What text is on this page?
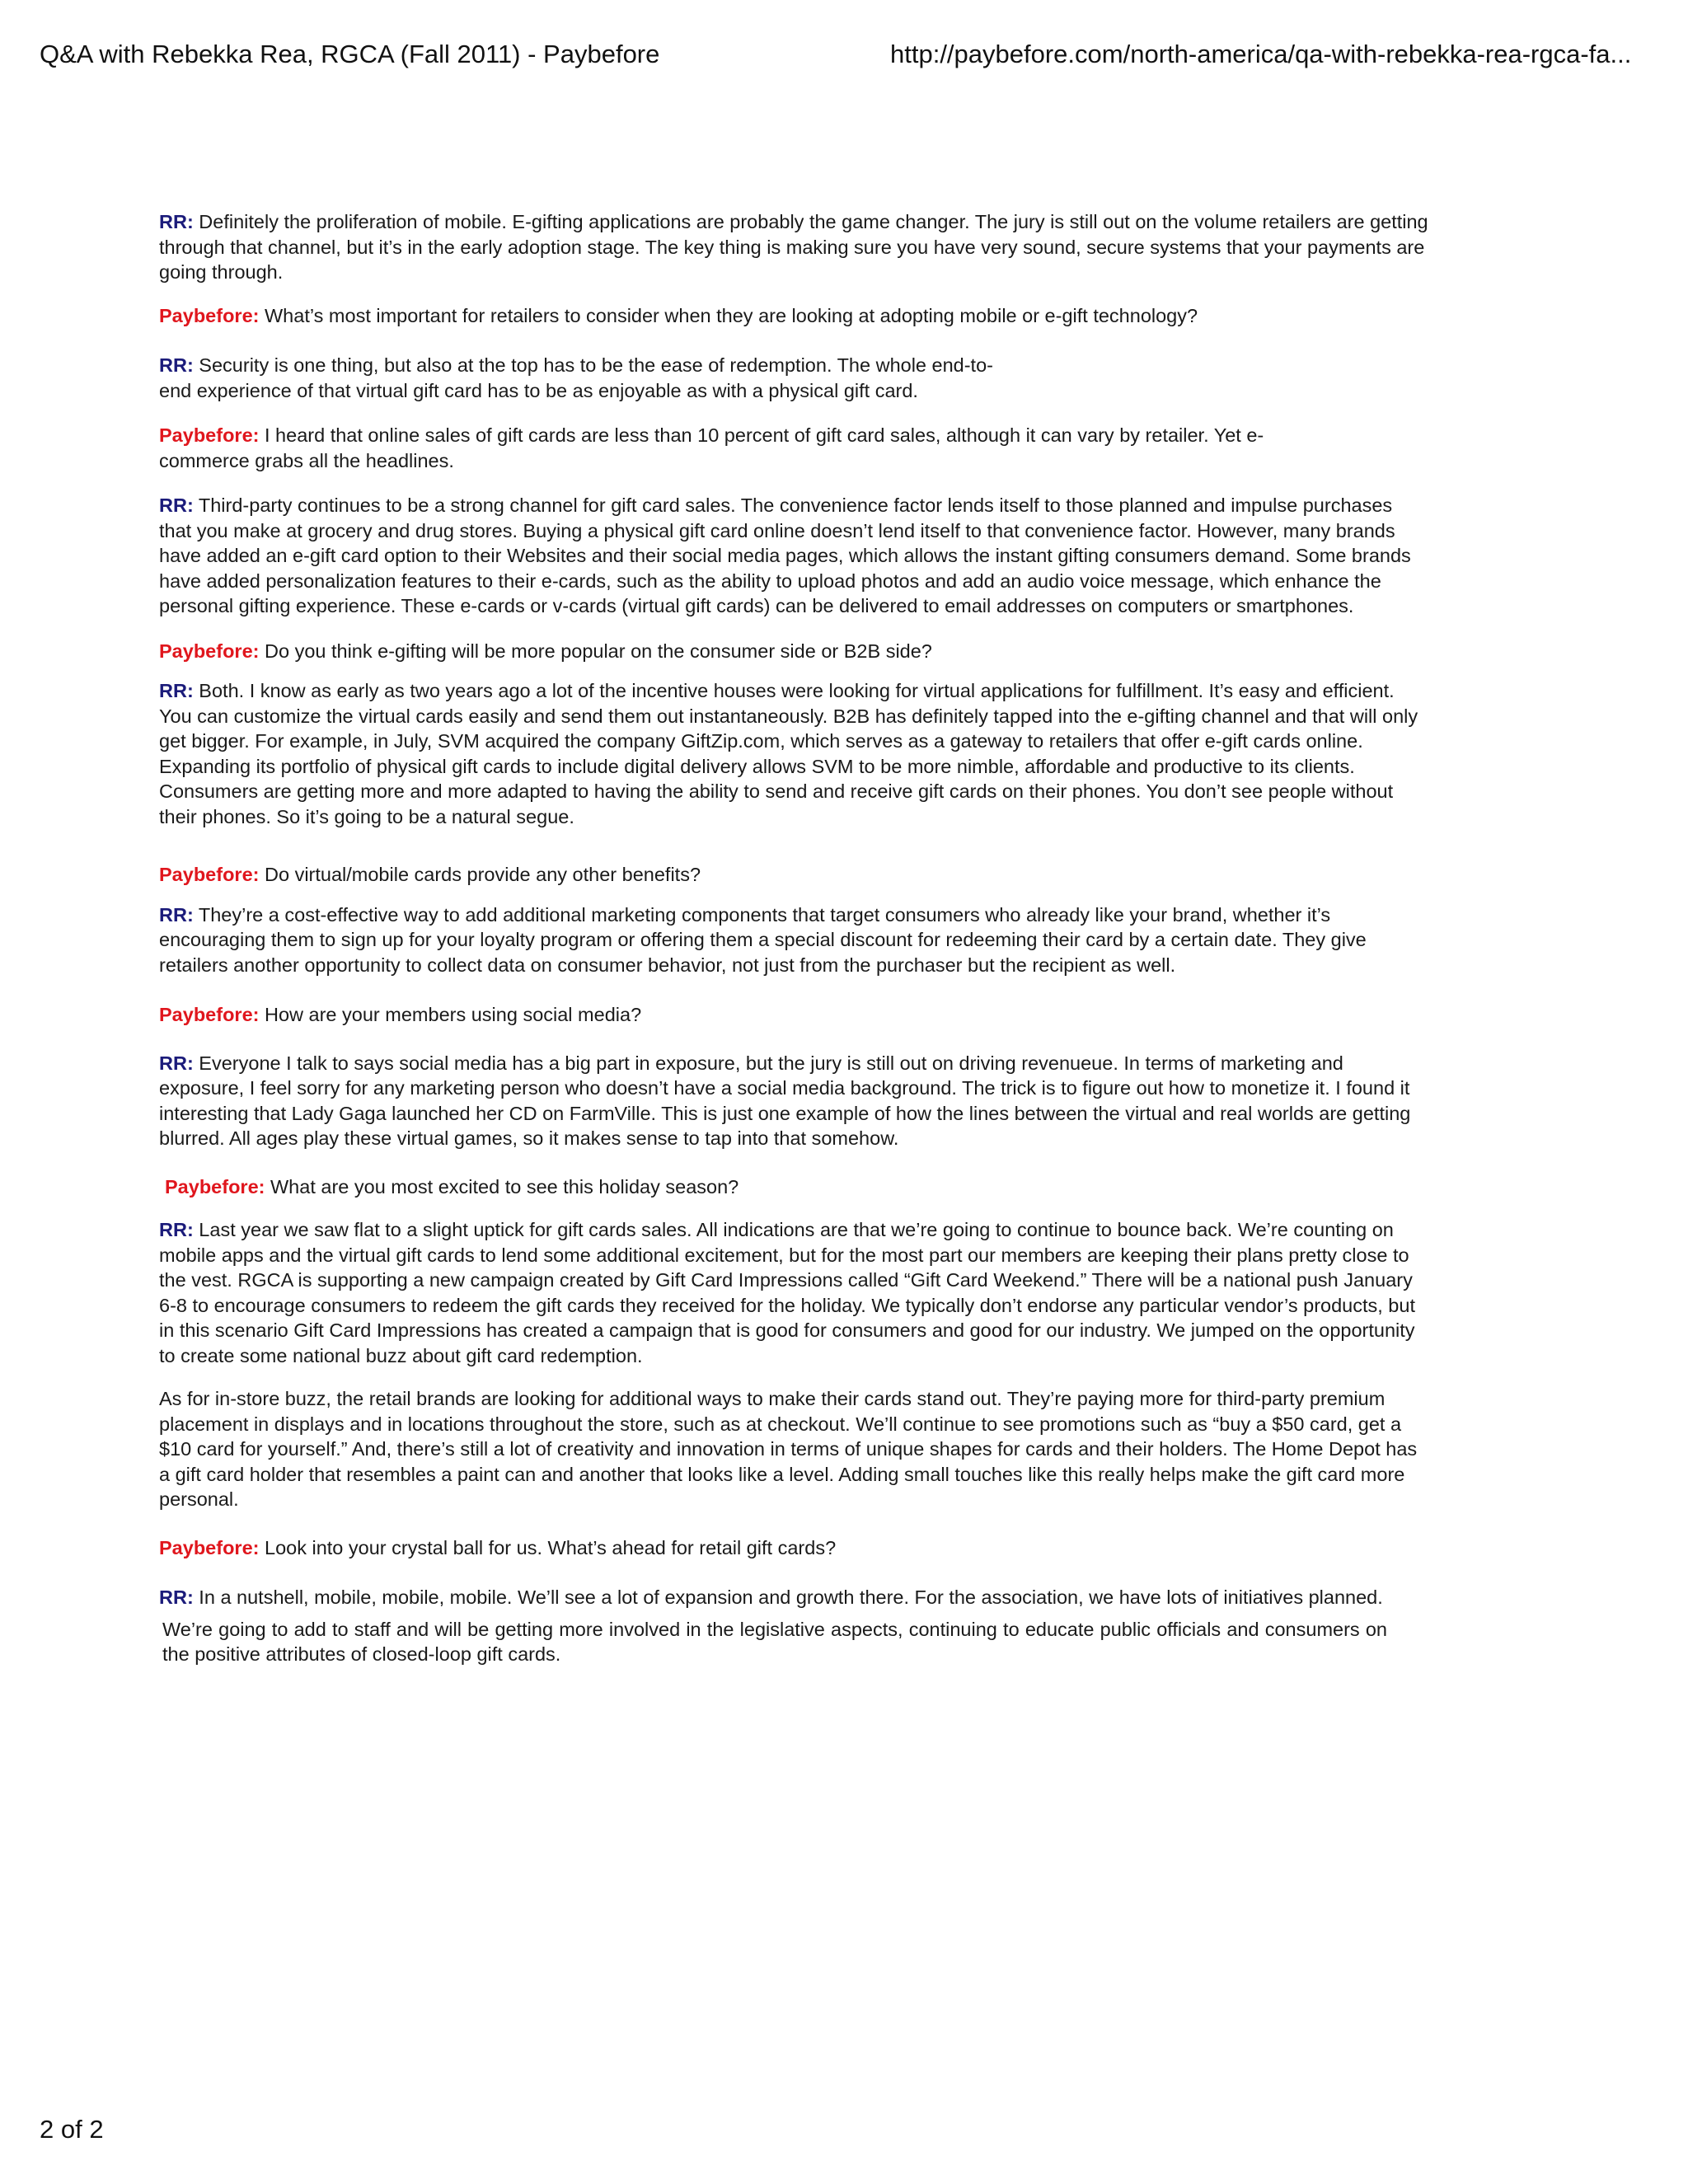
Q&A with Rebekka Rea, RGCA (Fall 2011) - Paybefore	http://paybefore.com/north-america/qa-with-rebekka-rea-rgca-fa...

RR: Definitely the proliferation of mobile. E-gifting applications are probably the game changer. The jury is still out on the volume retailers are getting through that channel, but it’s in the early adoption stage. The key thing is making sure you have very sound, secure systems that your payments are going through.

Paybefore: What’s most important for retailers to consider when they are looking at adopting mobile or e-gift technology?

RR: Security is one thing, but also at the top has to be the ease of redemption. The whole end-to-end experience of that virtual gift card has to be as enjoyable as with a physical gift card.

Paybefore: I heard that online sales of gift cards are less than 10 percent of gift card sales, although it can vary by retailer. Yet e-commerce grabs all the headlines.

RR: Third-party continues to be a strong channel for gift card sales. The convenience factor lends itself to those planned and impulse purchases that you make at grocery and drug stores. Buying a physical gift card online doesn’t lend itself to that convenience factor. However, many brands have added an e-gift card option to their Websites and their social media pages, which allows the instant gifting consumers demand. Some brands have added personalization features to their e-cards, such as the ability to upload photos and add an audio voice message, which enhance the personal gifting experience. These e-cards or v-cards (virtual gift cards) can be delivered to email addresses on computers or smartphones.

Paybefore: Do you think e-gifting will be more popular on the consumer side or B2B side?

RR: Both. I know as early as two years ago a lot of the incentive houses were looking for virtual applications for fulfillment. It’s easy and efficient. You can customize the virtual cards easily and send them out instantaneously. B2B has definitely tapped into the e-gifting channel and that will only get bigger. For example, in July, SVM acquired the company GiftZip.com, which serves as a gateway to retailers that offer e-gift cards online. Expanding its portfolio of physical gift cards to include digital delivery allows SVM to be more nimble, affordable and productive to its clients. Consumers are getting more and more adapted to having the ability to send and receive gift cards on their phones. You don’t see people without their phones. So it’s going to be a natural segue.

Paybefore: Do virtual/mobile cards provide any other benefits?

RR: They’re a cost-effective way to add additional marketing components that target consumers who already like your brand, whether it’s encouraging them to sign up for your loyalty program or offering them a special discount for redeeming their card by a certain date. They give retailers another opportunity to collect data on consumer behavior, not just from the purchaser but the recipient as well.

Paybefore: How are your members using social media?

RR: Everyone I talk to says social media has a big part in exposure, but the jury is still out on driving revenueue. In terms of marketing and exposure, I feel sorry for any marketing person who doesn’t have a social media background. The trick is to figure out how to monetize it. I found it interesting that Lady Gaga launched her CD on FarmVille. This is just one example of how the lines between the virtual and real worlds are getting blurred. All ages play these virtual games, so it makes sense to tap into that somehow.

Paybefore: What are you most excited to see this holiday season?

RR: Last year we saw flat to a slight uptick for gift cards sales. All indications are that we’re going to continue to bounce back. We’re counting on mobile apps and the virtual gift cards to lend some additional excitement, but for the most part our members are keeping their plans pretty close to the vest. RGCA is supporting a new campaign created by Gift Card Impressions called “Gift Card Weekend.” There will be a national push January 6-8 to encourage consumers to redeem the gift cards they received for the holiday. We typically don’t endorse any particular vendor’s products, but in this scenario Gift Card Impressions has created a campaign that is good for consumers and good for our industry. We jumped on the opportunity to create some national buzz about gift card redemption.

As for in-store buzz, the retail brands are looking for additional ways to make their cards stand out. They’re paying more for third-party premium placement in displays and in locations throughout the store, such as at checkout. We’ll continue to see promotions such as “buy a $50 card, get a $10 card for yourself.” And, there’s still a lot of creativity and innovation in terms of unique shapes for cards and their holders. The Home Depot has a gift card holder that resembles a paint can and another that looks like a level. Adding small touches like this really helps make the gift card more personal.

Paybefore: Look into your crystal ball for us. What’s ahead for retail gift cards?

RR: In a nutshell, mobile, mobile, mobile. We’ll see a lot of expansion and growth there. For the association, we have lots of initiatives planned.

We’re going to add to staff and will be getting more involved in the legislative aspects, continuing to educate public officials and consumers on the positive attributes of closed-loop gift cards.

2 of 2
